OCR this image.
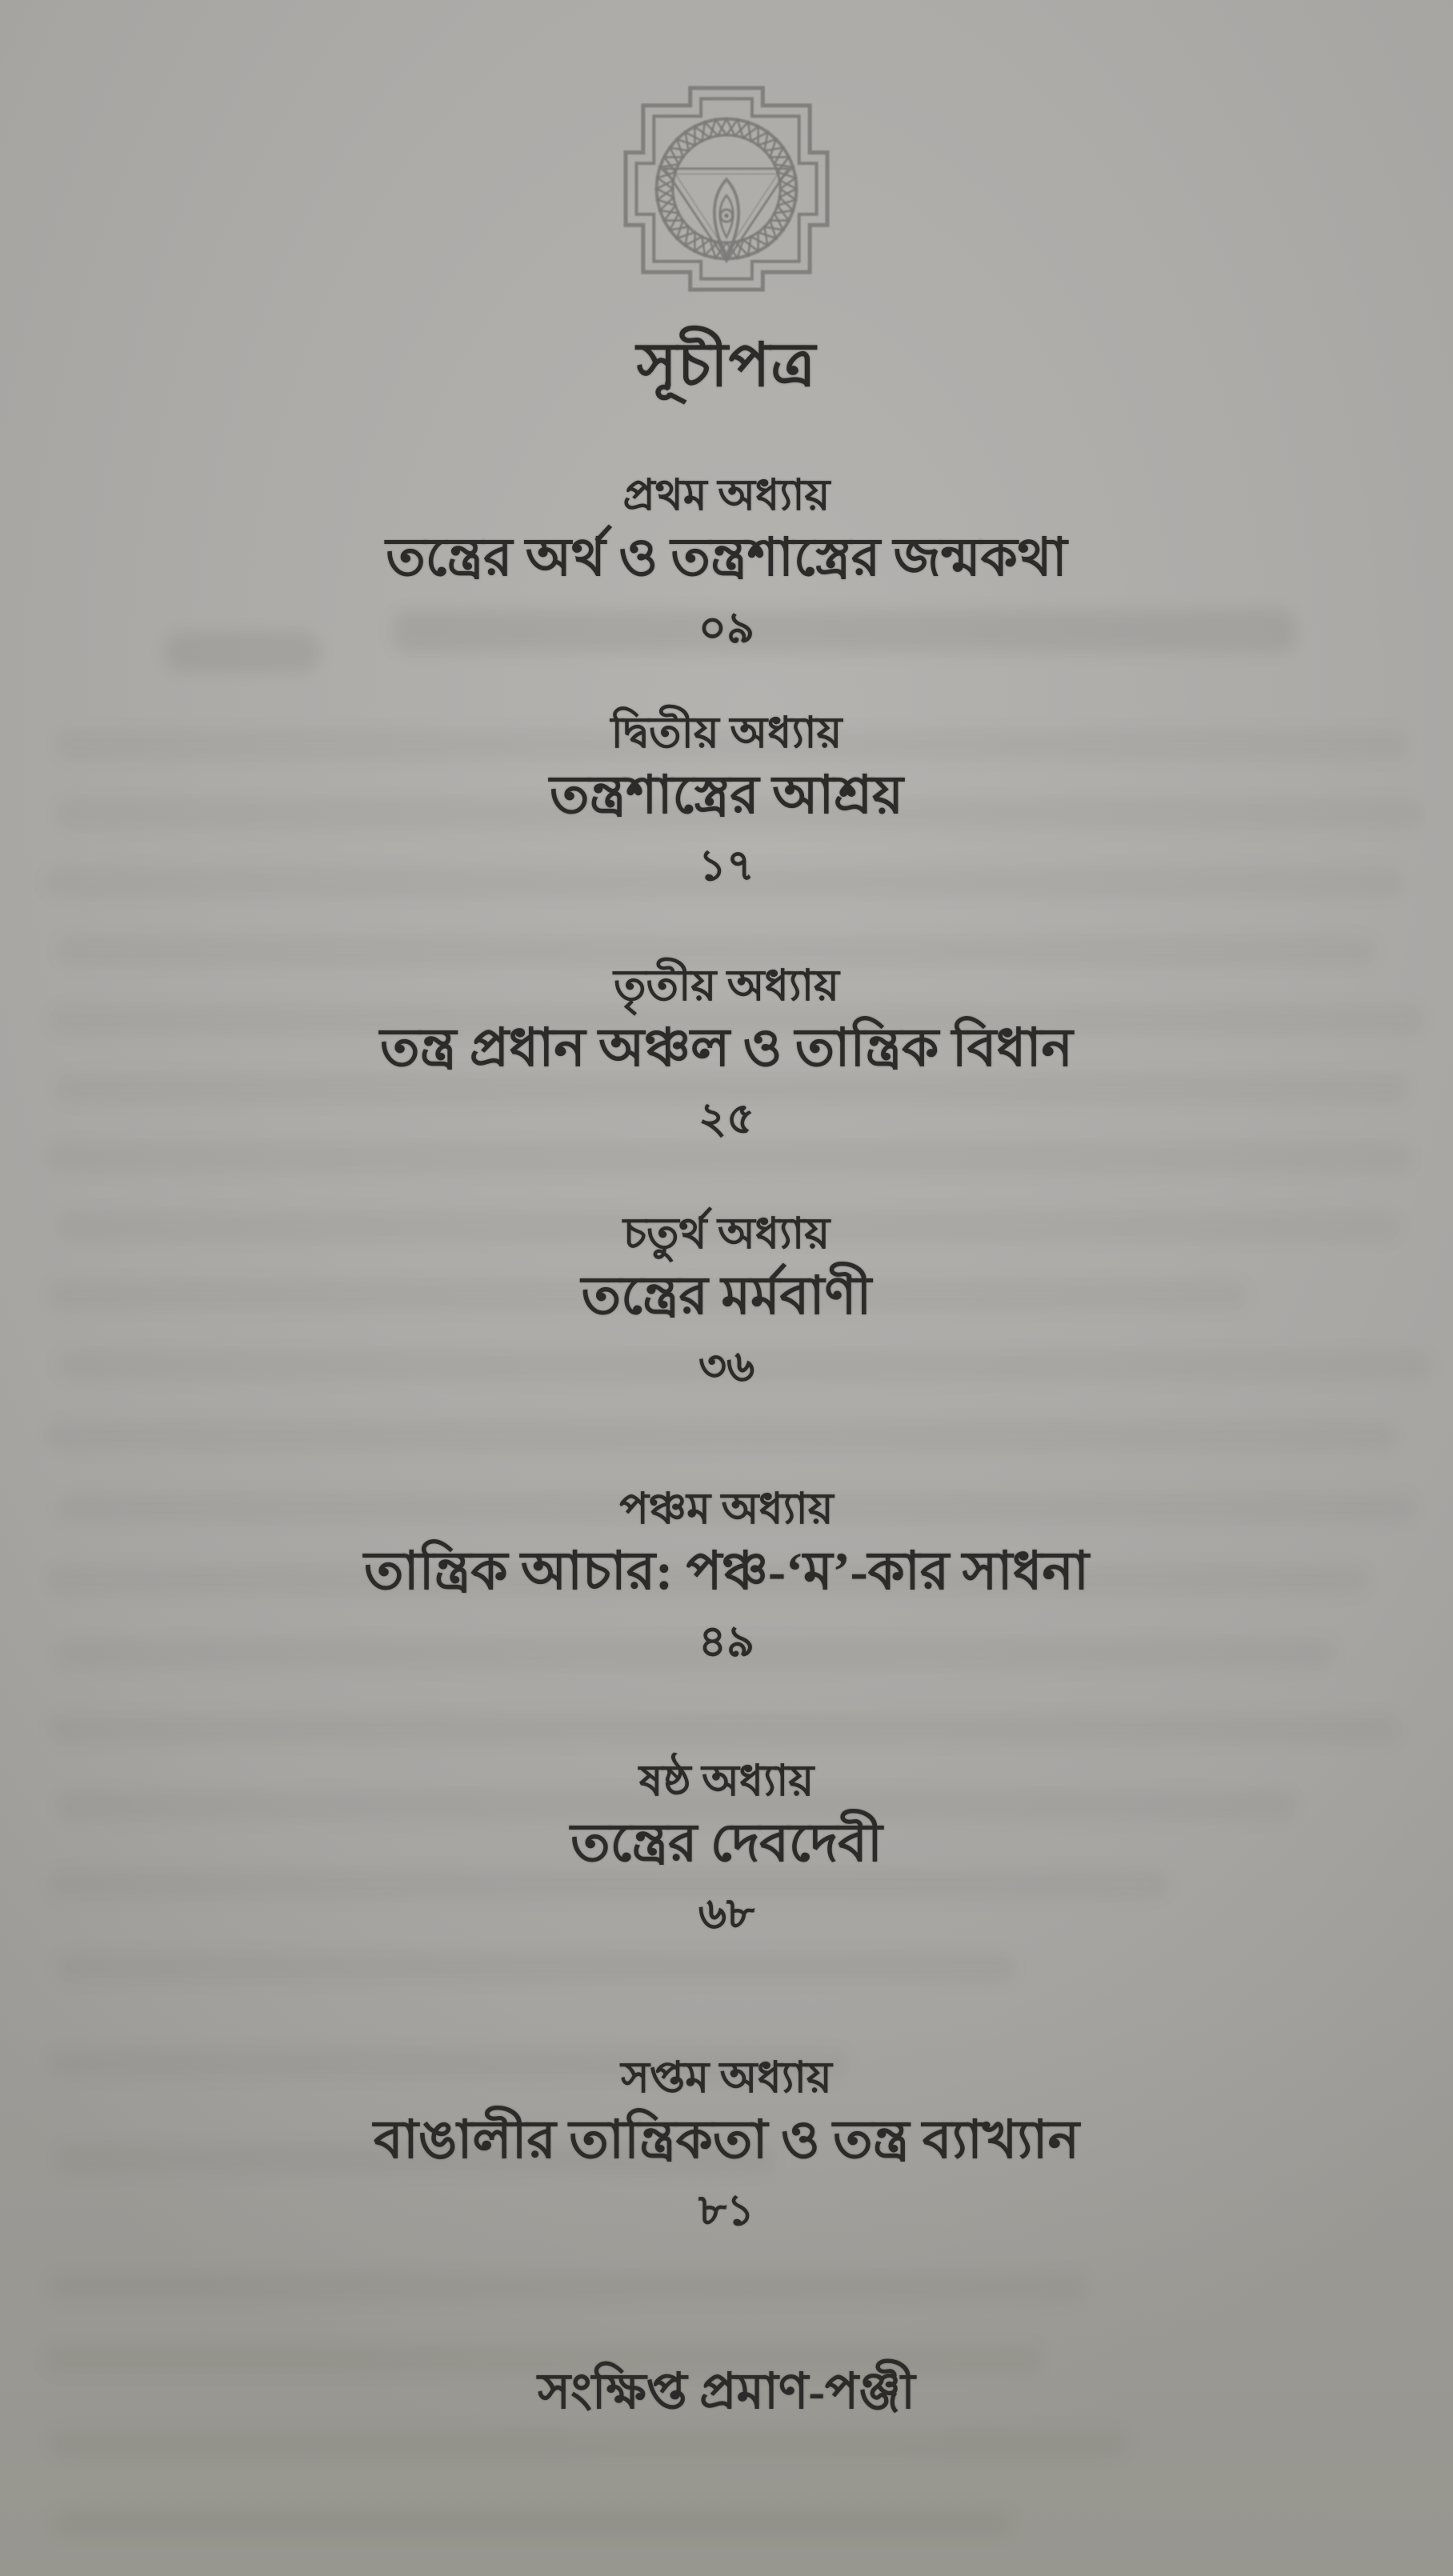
সূচীপত্র
প্রথম অধ্যায়
তন্ত্রের অর্থ ও তন্ত্রশাস্ত্রের জন্মকথা
০৯
দ্বিতীয় অধ্যায়
তন্ত্রশাস্ত্রের আশ্রয়
১৭
তৃতীয় অধ্যায়
তন্ত্র প্রধান অঞ্চল ও তান্ত্রিক বিধান
২৫
চতুর্থ অধ্যায়
তন্ত্রের মর্মবাণী
৩৬
পঞ্চম অধ্যায়
তান্ত্রিক আচার: পঞ্চ-‘ম’-কার সাধনা
৪৯
ষষ্ঠ অধ্যায়
তন্ত্রের দেবদেবী
৬৮
সপ্তম অধ্যায়
বাঙালীর তান্ত্রিকতা ও তন্ত্র ব্যাখ্যান
৮১
সংক্ষিপ্ত প্রমাণ-পঞ্জী
